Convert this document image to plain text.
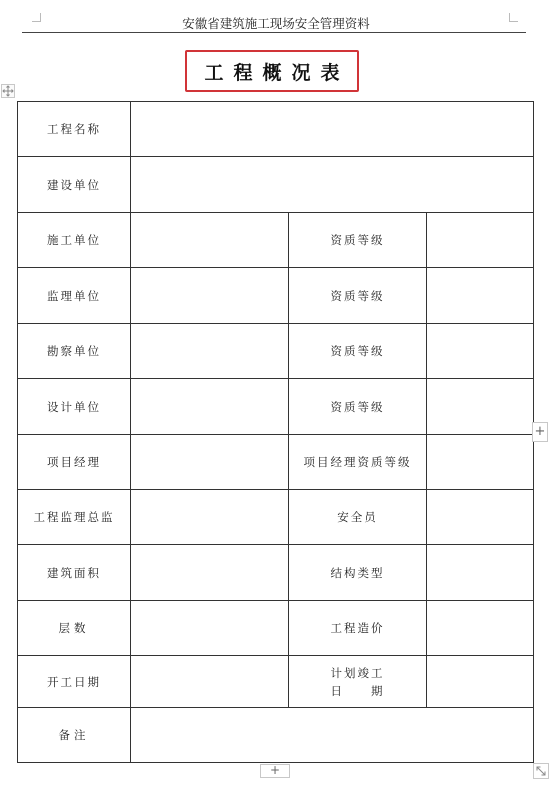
安徽省建筑施工现场安全管理资料
工程概况表
工程名称			
建设单位			
施工单位		资质等级	
监理单位		资质等级	
勘察单位		资质等级	
设计单位		资质等级	
项目经理		项目经理资质等级	
工程监理总监		安全员	
建筑面积		结构类型	
层数		工程造价	
开工日期		计划竣工
日　　期	

备注			
+
+
